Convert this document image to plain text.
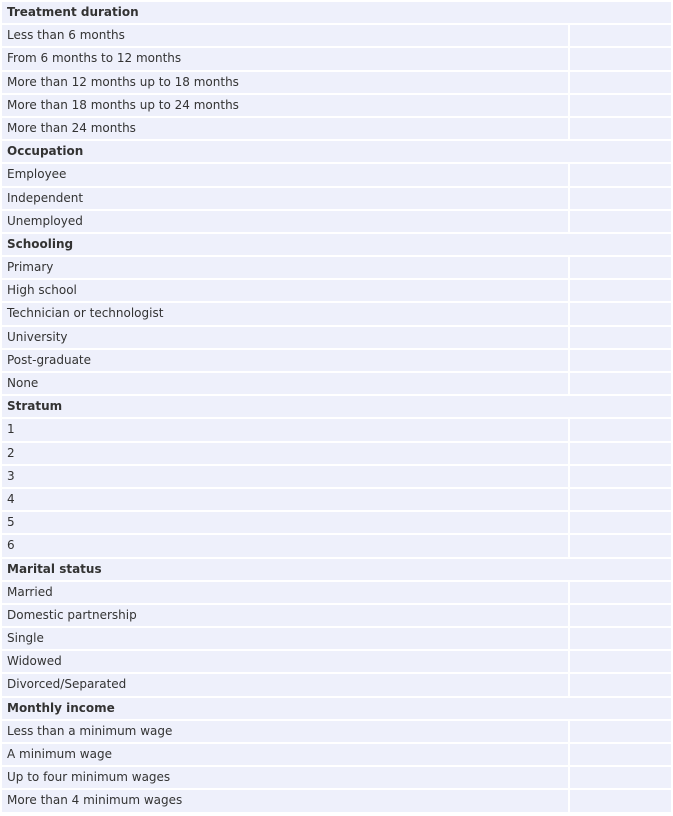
Treatment duration
Less than 6 months
From 6 months to 12 months
More than 12 months up to 18 months
More than 18 months up to 24 months
More than 24 months
Occupation
Employee
Independent
Unemployed
Schooling
Primary
High school
Technician or technologist
University
Post-graduate
None
Stratum
1
2
3
4
5
6
Marital status
Married
Domestic partnership
Single
Widowed
Divorced/Separated
Monthly income
Less than a minimum wage
A minimum wage
Up to four minimum wages
More than 4 minimum wages
